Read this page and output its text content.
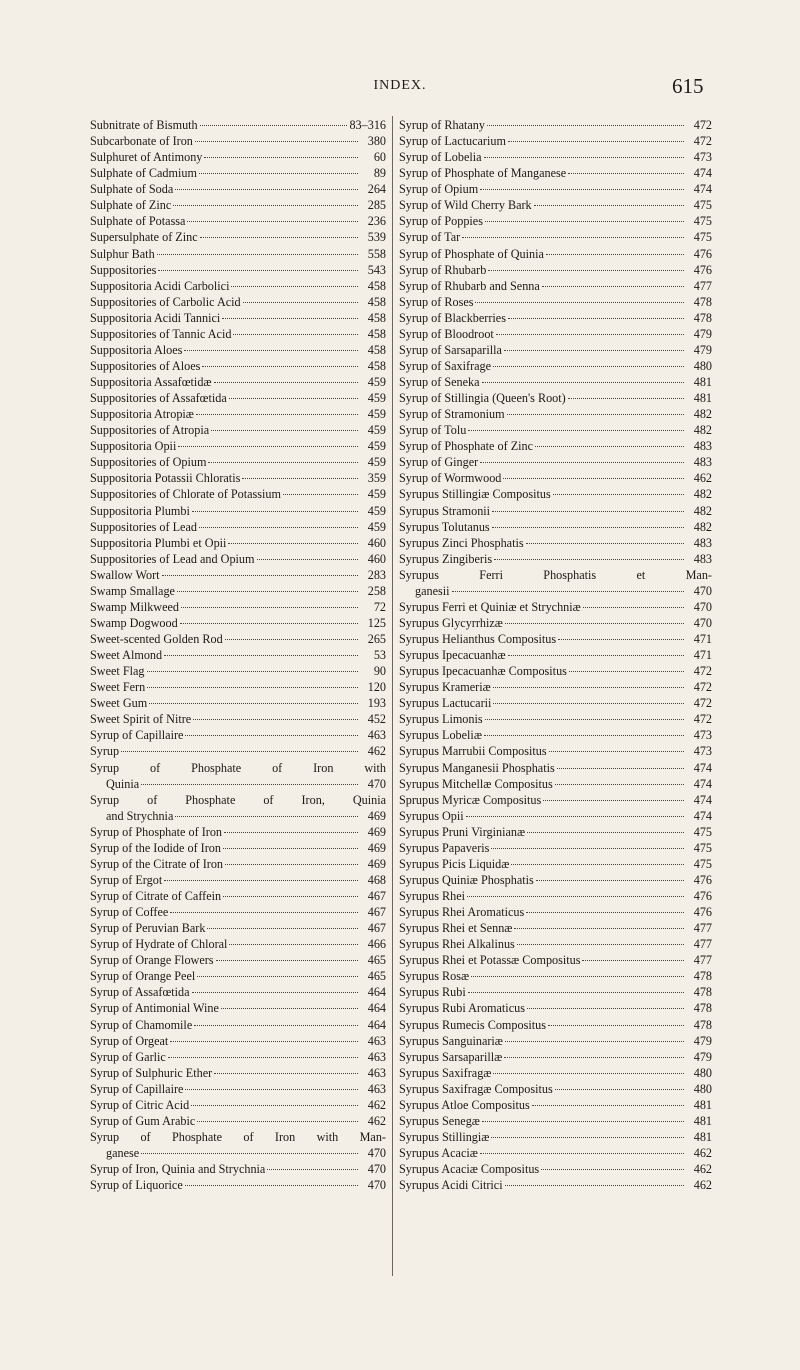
INDEX.	615
Subnitrate of Bismuth	83–316
Subcarbonate of Iron	380
Sulphuret of Antimony	60
Sulphate of Cadmium	89
Sulphate of Soda	264
Sulphate of Zinc	285
Sulphate of Potassa	236
Supersulphate of Zinc	539
Sulphur Bath	558
Suppositories	543
Suppositoria Acidi Carbolici	458
Suppositories of Carbolic Acid	458
Suppositoria Acidi Tannici	458
Suppositories of Tannic Acid	458
Suppositoria Aloes	458
Suppositories of Aloes	458
Suppositoria Assafœtidæ	459
Suppositories of Assafœtida	459
Suppositoria Atropiæ	459
Suppositories of Atropia	459
Suppositoria Opii	459
Suppositories of Opium	459
Suppositoria Potassii Chloratis	359
Suppositories of Chlorate of Potassium	459
Suppositoria Plumbi	459
Suppositories of Lead	459
Suppositoria Plumbi et Opii	460
Suppositories of Lead and Opium	460
Swallow Wort	283
Swamp Smallage	258
Swamp Milkweed	72
Swamp Dogwood	125
Sweet-scented Golden Rod	265
Sweet Almond	53
Sweet Flag	90
Sweet Fern	120
Sweet Gum	193
Sweet Spirit of Nitre	452
Syrup of Capillaire	463
Syrup	462
Syrup of Phosphate of Iron with
Quinia	470
Syrup of Phosphate of Iron, Quinia
and Strychnia	469
Syrup of Phosphate of Iron	469
Syrup of the Iodide of Iron	469
Syrup of the Citrate of Iron	469
Syrup of Ergot	468
Syrup of Citrate of Caffein	467
Syrup of Coffee	467
Syrup of Peruvian Bark	467
Syrup of Hydrate of Chloral	466
Syrup of Orange Flowers	465
Syrup of Orange Peel	465
Syrup of Assafœtida	464
Syrup of Antimonial Wine	464
Syrup of Chamomile	464
Syrup of Orgeat	463
Syrup of Garlic	463
Syrup of Sulphuric Ether	463
Syrup of Capillaire	463
Syrup of Citric Acid	462
Syrup of Gum Arabic	462
Syrup of Phosphate of Iron with Man-
ganese	470
Syrup of Iron, Quinia and Strychnia	470
Syrup of Liquorice	470
Syrup of Rhatany	472
Syrup of Lactucarium	472
Syrup of Lobelia	473
Syrup of Phosphate of Manganese	474
Syrup of Opium	474
Syrup of Wild Cherry Bark	475
Syrup of Poppies	475
Syrup of Tar	475
Syrup of Phosphate of Quinia	476
Syrup of Rhubarb	476
Syrup of Rhubarb and Senna	477
Syrup of Roses	478
Syrup of Blackberries	478
Syrup of Bloodroot	479
Syrup of Sarsaparilla	479
Syrup of Saxifrage	480
Syrup of Seneka	481
Syrup of Stillingia (Queen's Root)	481
Syrup of Stramonium	482
Syrup of Tolu	482
Syrup of Phosphate of Zinc	483
Syrup of Ginger	483
Syrup of Wormwood	462
Syrupus Stillingiæ Compositus	482
Syrupus Stramonii	482
Syrupus Tolutanus	482
Syrupus Zinci Phosphatis	483
Syrupus Zingiberis	483
Syrupus Ferri Phosphatis et Man-
ganesii	470
Syrupus Ferri et Quiniæ et Strychniæ	470
Syrupus Glycyrrhizæ	470
Syrupus Helianthus Compositus	471
Syrupus Ipecacuanhæ	471
Syrupus Ipecacuanhæ Compositus	472
Syrupus Krameriæ	472
Syrupus Lactucarii	472
Syrupus Limonis	472
Syrupus Lobeliæ	473
Syrupus Marrubii Compositus	473
Syrupus Manganesii Phosphatis	474
Syrupus Mitchellæ Compositus	474
Sprupus Myricæ Compositus	474
Syrupus Opii	474
Syrupus Pruni Virginianæ	475
Syrupus Papaveris	475
Syrupus Picis Liquidæ	475
Syrupus Quiniæ Phosphatis	476
Syrupus Rhei	476
Syrupus Rhei Aromaticus	476
Syrupus Rhei et Sennæ	477
Syrupus Rhei Alkalinus	477
Syrupus Rhei et Potassæ Compositus	477
Syrupus Rosæ	478
Syrupus Rubi	478
Syrupus Rubi Aromaticus	478
Syrupus Rumecis Compositus	478
Syrupus Sanguinariæ	479
Syrupus Sarsaparillæ	479
Syrupus Saxifragæ	480
Syrupus Saxifragæ Compositus	480
Syrupus Atloe Compositus	481
Syrupus Senegæ	481
Syrupus Stillingiæ	481
Syrupus Acaciæ	462
Syrupus Acaciæ Compositus	462
Syrupus Acidi Citrici	462
